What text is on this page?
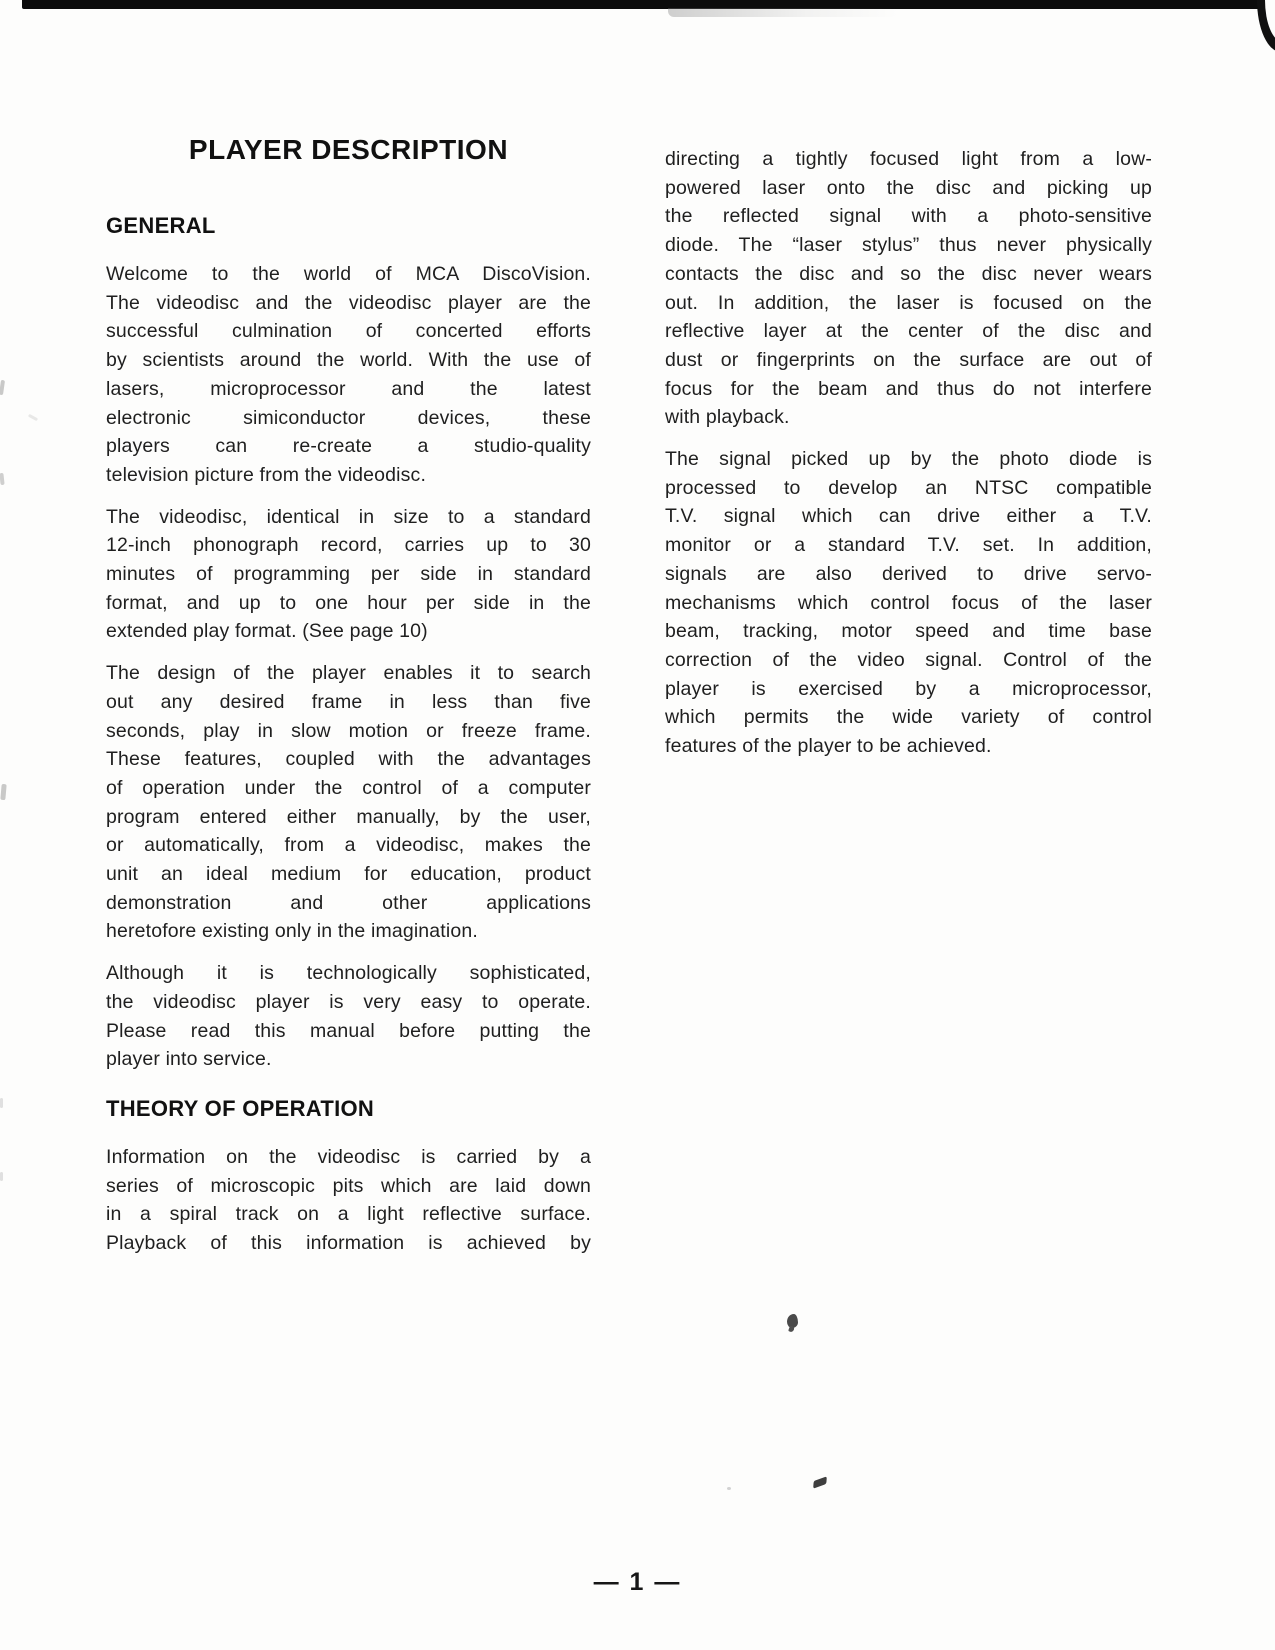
PLAYER DESCRIPTION
GENERAL
Welcome to the world of MCA DiscoVision.
The videodisc and the videodisc player are the
successful culmination of concerted efforts
by scientists around the world. With the use of
lasers, microprocessor and the latest
electronic simiconductor devices, these
players can re-create a studio-quality
television picture from the videodisc.
The videodisc, identical in size to a standard
12-inch phonograph record, carries up to 30
minutes of programming per side in standard
format, and up to one hour per side in the
extended play format. (See page 10)
The design of the player enables it to search
out any desired frame in less than five
seconds, play in slow motion or freeze frame.
These features, coupled with the advantages
of operation under the control of a computer
program entered either manually, by the user,
or automatically, from a videodisc, makes the
unit an ideal medium for education, product
demonstration and other applications
heretofore existing only in the imagination.
Although it is technologically sophisticated,
the videodisc player is very easy to operate.
Please read this manual before putting the
player into service.
THEORY OF OPERATION
Information on the videodisc is carried by a
series of microscopic pits which are laid down
in a spiral track on a light reflective surface.
Playback of this information is achieved by
directing a tightly focused light from a low-
powered laser onto the disc and picking up
the reflected signal with a photo-sensitive
diode. The “laser stylus” thus never physically
contacts the disc and so the disc never wears
out. In addition, the laser is focused on the
reflective layer at the center of the disc and
dust or fingerprints on the surface are out of
focus for the beam and thus do not interfere
with playback.
The signal picked up by the photo diode is
processed to develop an NTSC compatible
T.V. signal which can drive either a T.V.
monitor or a standard T.V. set. In addition,
signals are also derived to drive servo-
mechanisms which control focus of the laser
beam, tracking, motor speed and time base
correction of the video signal. Control of the
player is exercised by a microprocessor,
which permits the wide variety of control
features of the player to be achieved.
— 1 —
